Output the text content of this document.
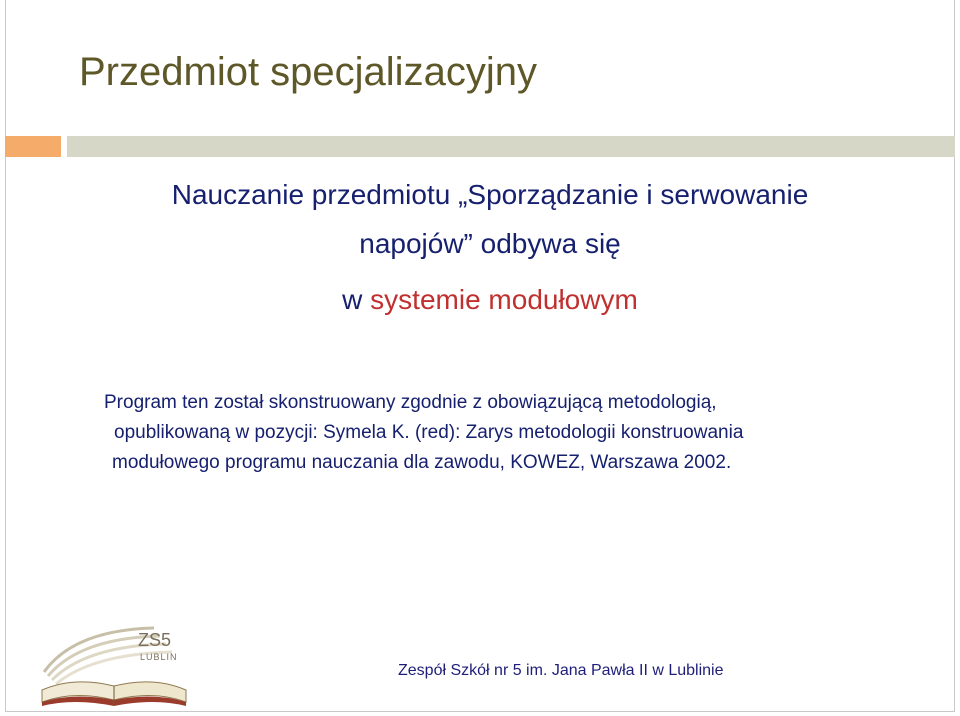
Przedmiot specjalizacyjny

Nauczanie przedmiotu „Sporządzanie i serwowanie

napojów” odbywa się

w systemie modułowym

Program ten został skonstruowany zgodnie z obowiązującą metodologią,

opublikowaną w pozycji: Symela K. (red): Zarys metodologii konstruowania

modułowego programu nauczania dla zawodu, KOWEZ, Warszawa 2002.

ZS5
LUBLIN

Zespół Szkół nr 5 im. Jana Pawła II w Lublinie
